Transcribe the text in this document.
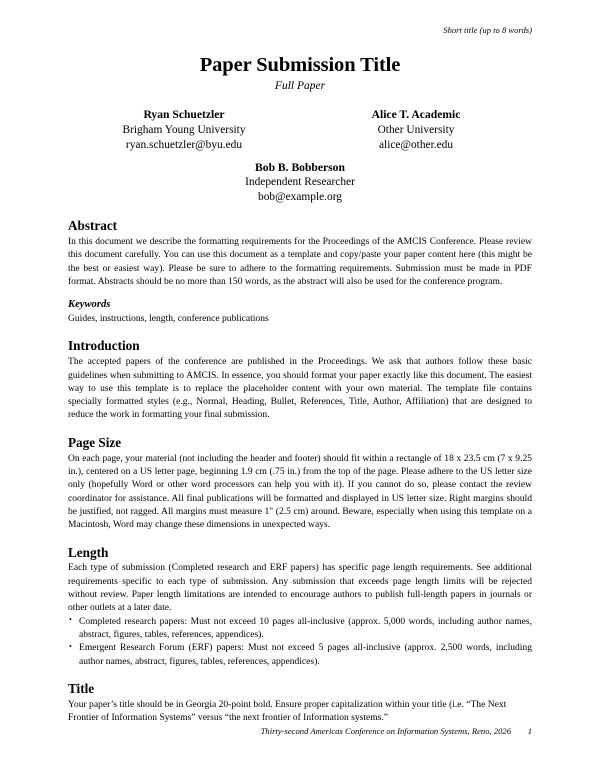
Short title (up to 8 words)
Paper Submission Title
Full Paper
Ryan Schuetzler
Brigham Young University
ryan.schuetzler@byu.edu
Alice T. Academic
Other University
alice@other.edu
Bob B. Bobberson
Independent Researcher
bob@example.org
Abstract

In this document we describe the formatting requirements for the Proceedings of the AMCIS Conference. Please review this document carefully. You can use this document as a template and copy/paste your paper content here (this might be the best or easiest way). Please be sure to adhere to the formatting requirements. Submission must be made in PDF format. Abstracts should be no more than 150 words, as the abstract will also be used for the conference program.

Keywords

Guides, instructions, length, conference publications

Introduction

The accepted papers of the conference are published in the Proceedings. We ask that authors follow these basic guidelines when submitting to AMCIS. In essence, you should format your paper exactly like this document. The easiest way to use this template is to replace the placeholder content with your own material. The template file contains specially formatted styles (e.g., Normal, Heading, Bullet, References, Title, Author, Affiliation) that are designed to reduce the work in formatting your final submission.

Page Size

On each page, your material (not including the header and footer) should fit within a rectangle of 18 x 23.5 cm (7 x 9.25 in.), centered on a US letter page, beginning 1.9 cm (.75 in.) from the top of the page. Please adhere to the US letter size only (hopefully Word or other word processors can help you with it). If you cannot do so, please contact the review coordinator for assistance. All final publications will be formatted and displayed in US letter size. Right margins should be justified, not ragged. All margins must measure 1" (2.5 cm) around. Beware, especially when using this template on a Macintosh, Word may change these dimensions in unexpected ways.

Length

Each type of submission (Completed research and ERF papers) has specific page length requirements. See additional requirements specific to each type of submission. Any submission that exceeds page length limits will be rejected without review. Paper length limitations are intended to encourage authors to publish full-length papers in journals or other outlets at a later date.

• Completed research papers: Must not exceed 10 pages all-inclusive (approx. 5,000 words, including author names, abstract, figures, tables, references, appendices).
• Emergent Research Forum (ERF) papers: Must not exceed 5 pages all-inclusive (approx. 2,500 words, including author names, abstract, figures, tables, references, appendices).
Title

Your paper’s title should be in Georgia 20-point bold. Ensure proper capitalization within your title (i.e. “The Next Frontier of Information Systems” versus “the next frontier of Information systems.”

Thirty-second Americas Conference on Information Systems, Reno, 2026 1
